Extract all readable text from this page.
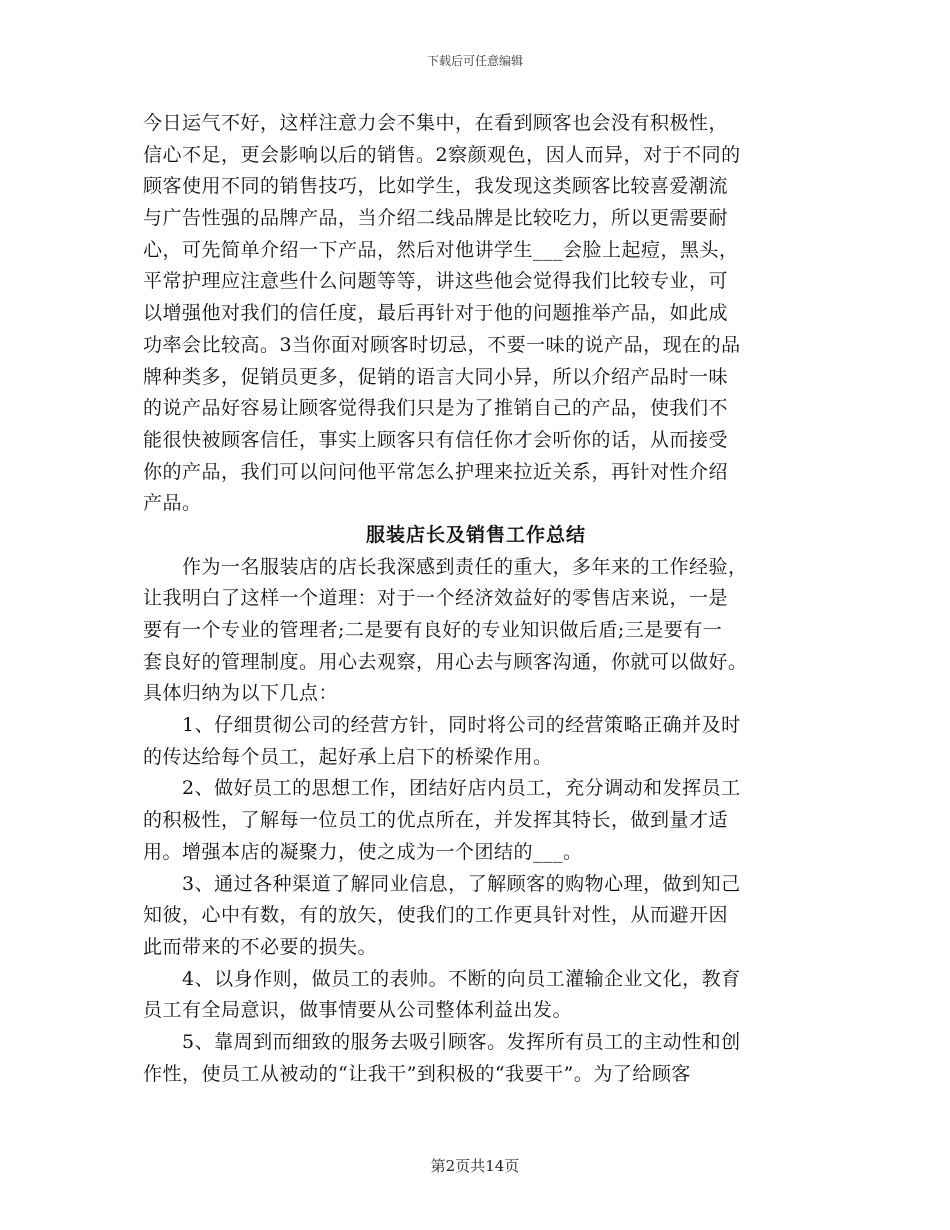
下载后可任意编辑
今日运气不好，这样注意力会不集中，在看到顾客也会没有积极性，
信心不足，更会影响以后的销售。2察颜观色，因人而异，对于不同的
顾客使用不同的销售技巧，比如学生，我发现这类顾客比较喜爱潮流
与广告性强的品牌产品，当介绍二线品牌是比较吃力，所以更需要耐
心，可先简单介绍一下产品，然后对他讲学生___会脸上起痘，黑头，
平常护理应注意些什么问题等等，讲这些他会觉得我们比较专业，可
以增强他对我们的信任度，最后再针对于他的问题推举产品，如此成
功率会比较高。3当你面对顾客时切忌，不要一味的说产品，现在的品
牌种类多，促销员更多，促销的语言大同小异，所以介绍产品时一味
的说产品好容易让顾客觉得我们只是为了推销自己的产品，使我们不
能很快被顾客信任，事实上顾客只有信任你才会听你的话，从而接受
你的产品，我们可以问问他平常怎么护理来拉近关系，再针对性介绍
产品。
服装店长及销售工作总结
　　作为一名服装店的店长我深感到责任的重大，多年来的工作经验，
让我明白了这样一个道理：对于一个经济效益好的零售店来说，一是
要有一个专业的管理者;二是要有良好的专业知识做后盾;三是要有一
套良好的管理制度。用心去观察，用心去与顾客沟通，你就可以做好。
具体归纳为以下几点：
　　1、仔细贯彻公司的经营方针，同时将公司的经营策略正确并及时
的传达给每个员工，起好承上启下的桥梁作用。
　　2、做好员工的思想工作，团结好店内员工，充分调动和发挥员工
的积极性，了解每一位员工的优点所在，并发挥其特长，做到量才适
用。增强本店的凝聚力，使之成为一个团结的___。
　　3、通过各种渠道了解同业信息，了解顾客的购物心理，做到知己
知彼，心中有数，有的放矢，使我们的工作更具针对性，从而避开因
此而带来的不必要的损失。
　　4、以身作则，做员工的表帅。不断的向员工灌输企业文化，教育
员工有全局意识，做事情要从公司整体利益出发。
　　5、靠周到而细致的服务去吸引顾客。发挥所有员工的主动性和创
作性，使员工从被动的“让我干”到积极的“我要干”。为了给顾客
第2页共14页
